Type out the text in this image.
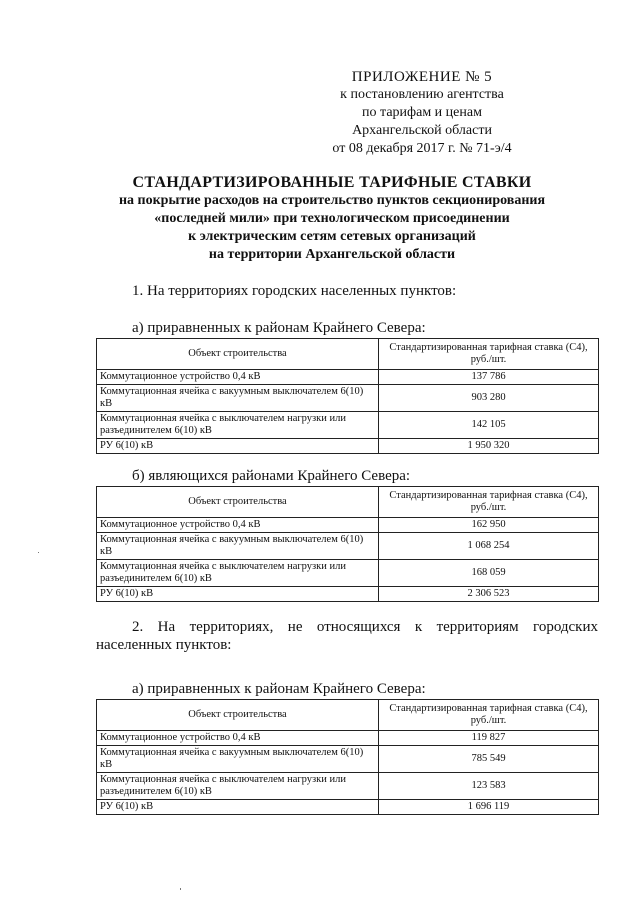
ПРИЛОЖЕНИЕ № 5
к постановлению агентства
по тарифам и ценам
Архангельской области
от 08 декабря 2017 г. № 71-э/4
СТАНДАРТИЗИРОВАННЫЕ ТАРИФНЫЕ СТАВКИ
на покрытие расходов на строительство пунктов секционирования
«последней мили» при технологическом присоединении
к электрическим сетям сетевых организаций
на территории Архангельской области
1. На территориях городских населенных пунктов:
а) приравненных к районам Крайнего Севера:
Объект строительства	Стандартизированная тарифная ставка (С4), руб./шт.
Коммутационное устройство 0,4 кВ	137 786
Коммутационная ячейка с вакуумным выключателем 6(10) кВ	903 280
Коммутационная ячейка с выключателем нагрузки или разъединителем 6(10) кВ	142 105
РУ 6(10) кВ	1 950 320
б) являющихся районами Крайнего Севера:
Объект строительства	Стандартизированная тарифная ставка (С4), руб./шт.
Коммутационное устройство 0,4 кВ	162 950
Коммутационная ячейка с вакуумным выключателем 6(10) кВ	1 068 254
Коммутационная ячейка с выключателем нагрузки или разъединителем 6(10) кВ	168 059
РУ 6(10) кВ	2 306 523
2. На территориях, не относящихся к территориям городских
населенных пунктов:
а) приравненных к районам Крайнего Севера:
Объект строительства	Стандартизированная тарифная ставка (С4), руб./шт.
Коммутационное устройство 0,4 кВ	119 827
Коммутационная ячейка с вакуумным выключателем 6(10) кВ	785 549
Коммутационная ячейка с выключателем нагрузки или разъединителем 6(10) кВ	123 583
РУ 6(10) кВ	1 696 119
